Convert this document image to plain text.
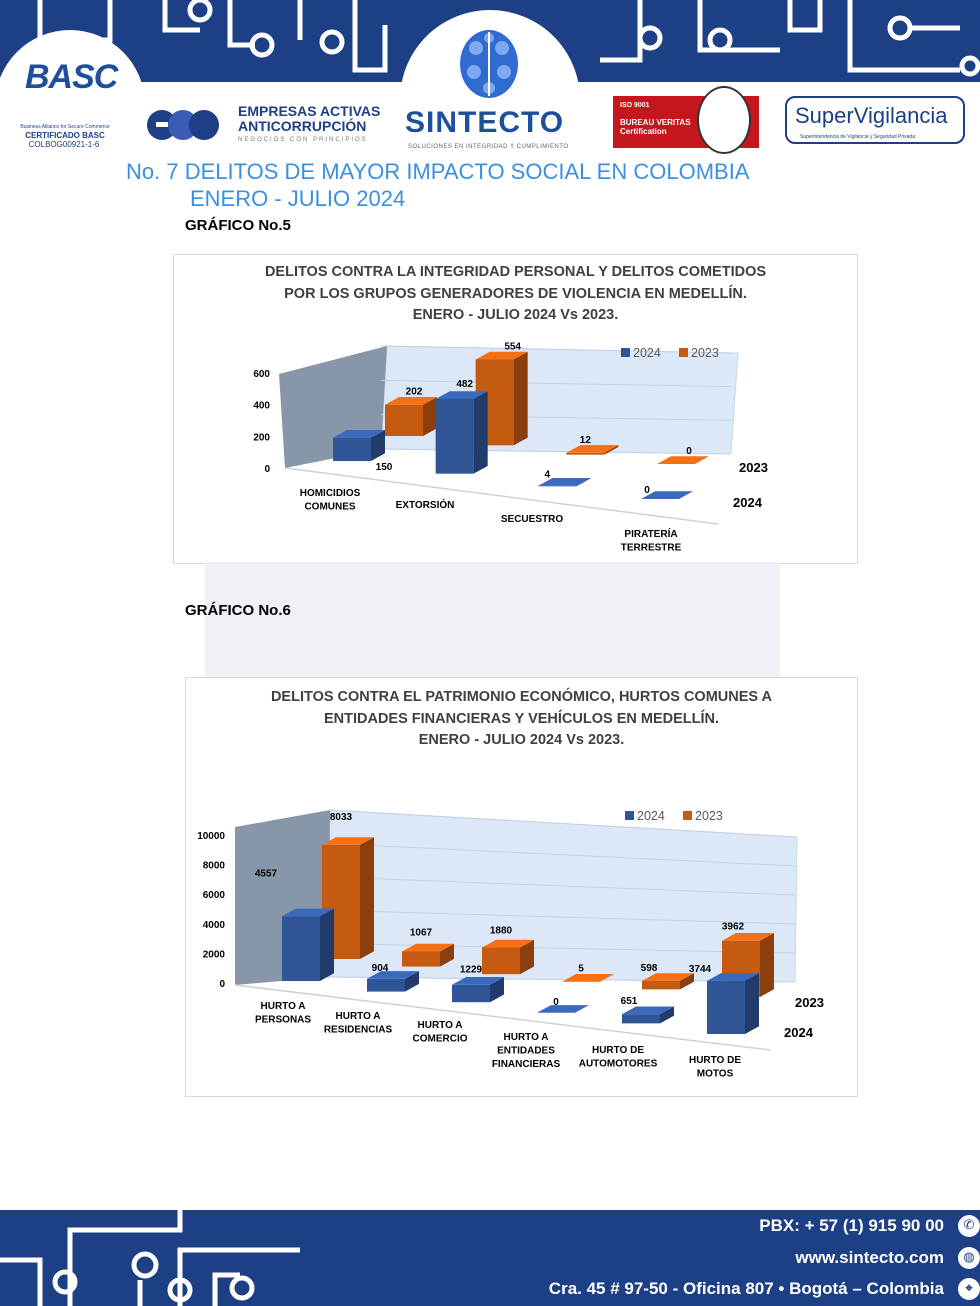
BASC
Business Alliance for Secure Commerce
CERTIFICADO BASC
COLBOG00921-1-6
EMPRESAS ACTIVAS
ANTICORRUPCIÓN
NEGOCIOS CON PRINCIPIOS
SINTECTO
SOLUCIONES EN INTEGRIDAD Y CUMPLIMIENTO
ISO 9001
BUREAU VERITAS
Certification
SuperVigilancia
Superintendencia de Vigilancia y Seguridad Privada
No. 7 DELITOS DE MAYOR IMPACTO SOCIAL EN COLOMBIA
ENERO - JULIO 2024
GRÁFICO No.5
DELITOS CONTRA LA INTEGRIDAD PERSONAL Y DELITOS COMETIDOS
POR LOS GRUPOS GENERADORES DE VIOLENCIA EN MEDELLÍN.
ENERO - JULIO 2024 Vs 2023.
0
200
400
600
202
554
12
0
150
482
4
0
HOMICIDIOS
COMUNES	EXTORSIÓN
SECUESTRO
PIRATERÍA
TERRESTRE
2023
2024
2024 2023
GRÁFICO No.6
DELITOS CONTRA EL PATRIMONIO ECONÓMICO, HURTOS COMUNES A
ENTIDADES FINANCIERAS Y VEHÍCULOS EN MEDELLÍN.
ENERO - JULIO 2024 Vs 2023.
0
2000
4000
6000
8000
10000
8033
1067	1880
5	598
3962
4557
904	1229
0	651
3744
HURTO A
PERSONAS HURTO A
RESIDENCIAS	HURTO A
COMERCIO	HURTO A
ENTIDADES
FINANCIERAS
HURTO DE
AUTOMOTORES	HURTO DE
MOTOS
2023
2024
2024 2023
PBX: + 57 (1) 915 90 00
www.sintecto.com
Cra. 45 # 97-50 - Oficina 807 • Bogotá – Colombia
✆
◍
⌖
